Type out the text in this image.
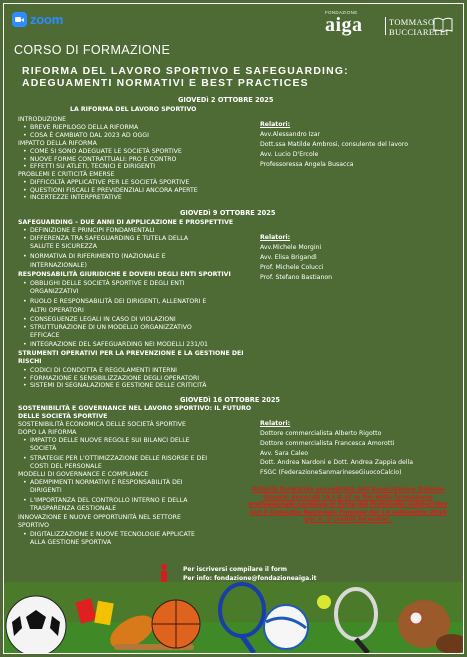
zoom	FONDAZIONE
aiga	TOMMASO
BUCCIARELLI
CORSO DI FORMAZIONE
RIFORMA DEL LAVORO SPORTIVO E SAFEGUARDING:
ADEGUAMENTI NORMATIVI E BEST PRACTICES
GIOVEDì 2 OTTOBRE 2025
LA RIFORMA DEL LAVORO SPORTIVO
INTRODUZIONE
• BREVE RIEPILOGO DELLA RIFORMA
• COSA È CAMBIATO DAL 2023 AD OGGI
IMPATTO DELLA RIFORMA
• COME SI SONO ADEGUATE LE SOCIETÀ SPORTIVE
• NUOVE FORME CONTRATTUALI: PRO E CONTRO
• EFFETTI SU ATLETI, TECNICI E DIRIGENTI
PROBLEMI E CRITICITÀ EMERSE
• DIFFICOLTÀ APPLICATIVE PER LE SOCIETÀ SPORTIVE
• QUESTIONI FISCALI E PREVIDENZIALI ANCORA APERTE
• INCERTEZZE INTERPRETATIVE
Relatori:
Avv.Alessandro Izar
Dott.ssa Matilde Ambrosi, consulente del lavoro
Avv. Lucio D'Ercole
Professoressa Angela Busacca
GIOVEDì 9 OTTOBRE 2025
SAFEGUARDING – DUE ANNI DI APPLICAZIONE E PROSPETTIVE
• DEFINIZIONE E PRINCIPI FONDAMENTALI
• DIFFERENZA TRA SAFEGUARDING E TUTELA DELLA
SALUTE E SICUREZZA
• NORMATIVA DI RIFERIMENTO (NAZIONALE E
INTERNAZIONALE)
RESPONSABILITÀ GIURIDICHE E DOVERI DEGLI ENTI SPORTIVI
• OBBLIGHI DELLE SOCIETÀ SPORTIVE E DEGLI ENTI
ORGANIZZATIVI
• RUOLO E RESPONSABILITÀ DEI DIRIGENTI, ALLENATORI E
ALTRI OPERATORI
• CONSEGUENZE LEGALI IN CASO DI VIOLAZIONI
• STRUTTURAZIONE DI UN MODELLO ORGANIZZATIVO
EFFICACE
• INTEGRAZIONE DEL SAFEGUARDING NEI MODELLI 231/01
STRUMENTI OPERATIVI PER LA PREVENZIONE E LA GESTIONE DEI
RISCHI
• CODICI DI CONDOTTA E REGOLAMENTI INTERNI
• FORMAZIONE E SENSIBILIZZAZIONE DEGLI OPERATORI
• SISTEMI DI SEGNALAZIONE E GESTIONE DELLE CRITICITÀ
Relatori:
Avv.Michele Morgini
Avv. Elisa Brigandì
Prof. Michele Colucci
Prof. Stefano Bastianon
GIOVEDì 16 OTTOBRE 2025
SOSTENIBILITÀ E GOVERNANCE NEL LAVORO SPORTIVO: IL FUTURO
DELLE SOCIETÀ SPORTIVE
SOSTENIBILITÀ ECONOMICA DELLE SOCIETÀ SPORTIVE
DOPO LA RIFORMA
• IMPATTO DELLE NUOVE REGOLE SUI BILANCI DELLE
SOCIETÀ
• STRATEGIE PER L'OTTIMIZZAZIONE DELLE RISORSE E DEI
COSTI DEL PERSONALE
MODELLI DI GOVERNANCE E COMPLIANCE
• ADEMPIMENTI NORMATIVI E RESPONSABILITÀ DEI
DIRIGENTI
• L'IMPORTANZA DEL CONTROLLO INTERNO E DELLA
TRASPARENZA GESTIONALE
INNOVAZIONE E NUOVE OPPORTUNITÀ NEL SETTORE
SPORTIVO
• DIGITALIZZAZIONE E NUOVE TECNOLOGIE APPLICATE
ALLA GESTIONE SPORTIVA
Relatori:
Dottore commercialista Alberto Rigotto
Dottore commercialista Francesca Amorotti
Avv. Sara Caleo
Dott. Andrea Nardoni e Dott. Andrea Zappia della
FSGC (FederazioneSanmarineseGiuocoCalcio)
Attività formativa accreditata dall'Associazione Italiana Giovani Avvocati (A.I.G.A) ai fini della formazione professionale continua in forza del Protocollo sottoscritto con il Consiglio Nazionale Forense del 14 settembre 2016 per n. 9 crediti formativi.
Per iscriversi compilare il form
Per info: fondazione@fondazioneaiga.it
